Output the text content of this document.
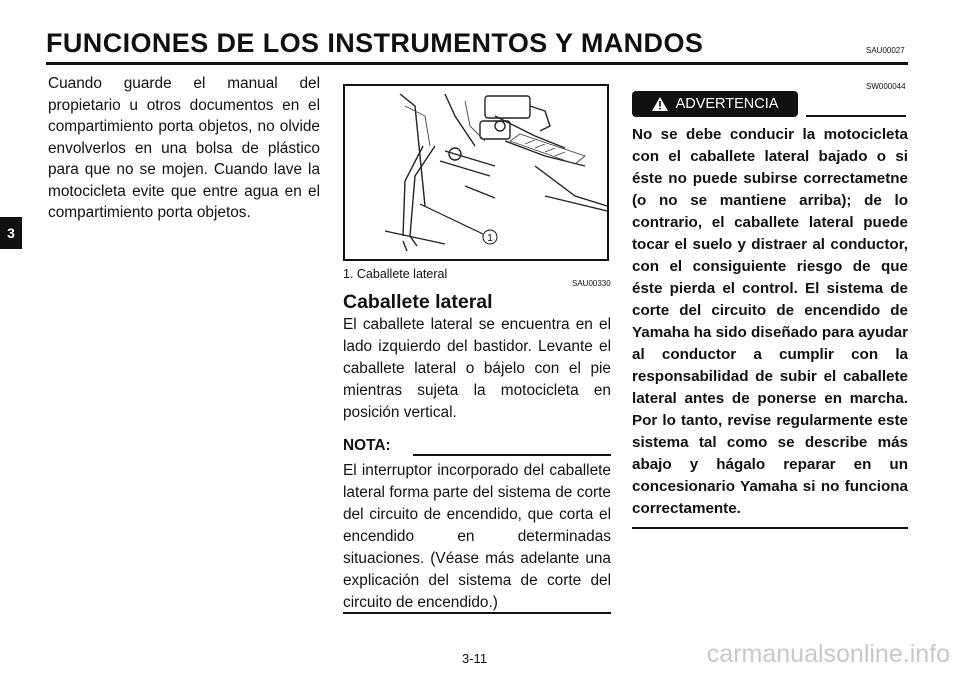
FUNCIONES DE LOS INSTRUMENTOS Y MANDOS	SAU00027
3
Cuando guarde el manual del propietario u otros documentos en el compartimiento porta objetos, no olvide envolverlos en una bolsa de plástico para que no se mojen. Cuando lave la motocicleta evite que entre agua en el compartimiento porta objetos.
1
1. Caballete lateral
SAU00330
Caballete lateral
El caballete lateral se encuentra en el lado izquierdo del bastidor. Levante el caballete lateral o bájelo con el pie mientras sujeta la motocicleta en posición vertical.
NOTA:
El interruptor incorporado del caballete lateral forma parte del sistema de corte del circuito de encendido, que corta el encendido en determinadas situaciones. (Véase más adelante una explicación del sistema de corte del circuito de encendido.)
SW000044
ADVERTENCIA
No se debe conducir la motocicleta con el caballete lateral bajado o si éste no puede subirse correctametne (o no se mantiene arriba); de lo contrario, el caballete lateral puede tocar el suelo y distraer al conductor, con el consiguiente riesgo de que éste pierda el control. El sistema de corte del circuito de encendido de Yamaha ha sido diseñado para ayudar al conductor a cumplir con la responsabilidad de subir el caballete lateral antes de ponerse en marcha. Por lo tanto, revise regularmente este sistema tal como se describe más abajo y hágalo reparar en un concesionario Yamaha si no funciona correctamente.
3-11	carmanualsonline.info
